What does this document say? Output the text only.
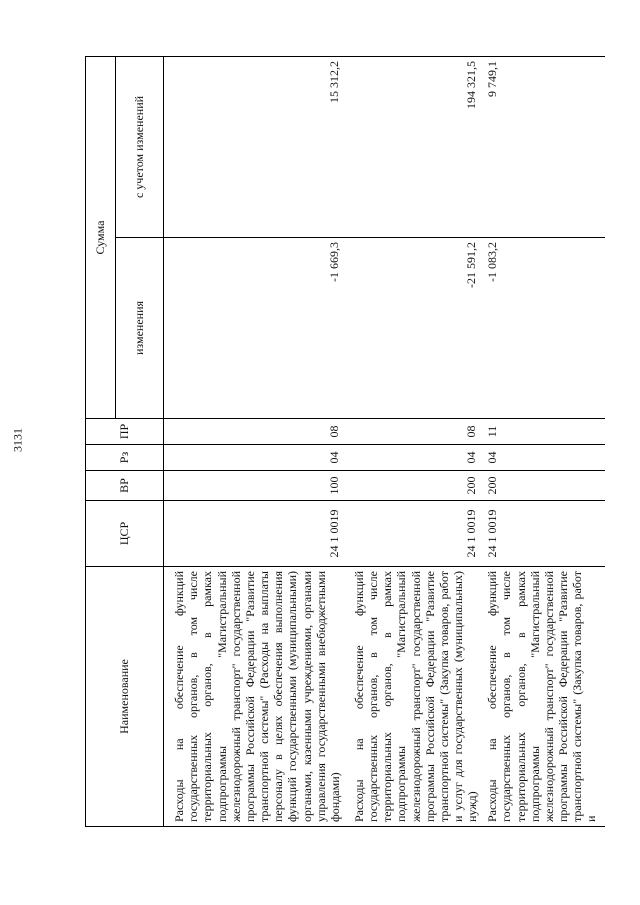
3131
Наименование	ЦСР	ВР	Рз	ПР	Сумма	
					изменения	с учетом изменений
Расходы на обеспечение функций государственных органов, в том числе территориальных органов, в рамках подпрограммы "Магистральный железнодорожный транспорт" государственной программы Российской Федерации "Развитие транспортной системы" (Расходы на выплаты персоналу в целях обеспечения выполнения функций государственными (муниципальными) органами, казенными учреждениями, органами управления государственными внебюджетными фондами)	24 1 0019	100	04	08	-1 669,3	15 312,2
Расходы на обеспечение функций государственных органов, в том числе территориальных органов, в рамках подпрограммы "Магистральный железнодорожный транспорт" государственной программы Российской Федерации "Развитие транспортной системы" (Закупка товаров, работ и услуг для государственных (муниципальных) нужд)	24 1 0019	200	04	08	-21 591,2	194 321,5
Расходы на обеспечение функций государственных органов, в том числе территориальных органов, в рамках подпрограммы "Магистральный железнодорожный транспорт" государственной программы Российской Федерации "Развитие транспортной системы" (Закупка товаров, работ и	24 1 0019	200	04	11	-1 083,2	9 749,1
